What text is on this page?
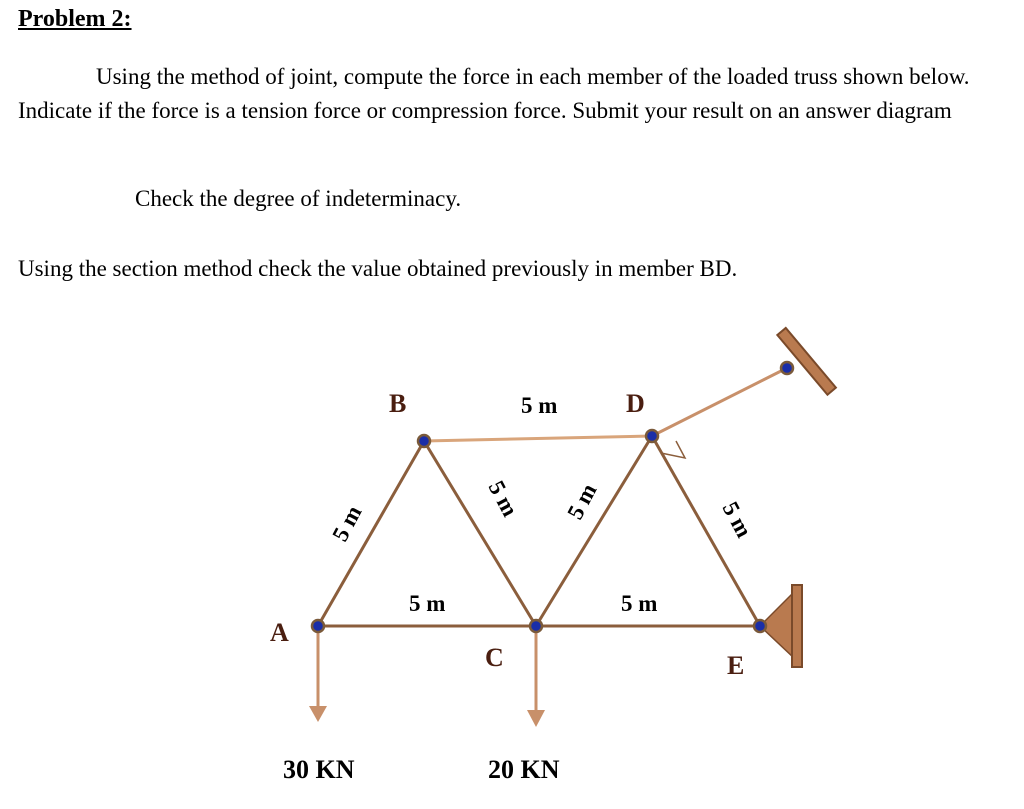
Problem 2:

Using the method of joint, compute the force in each member of the loaded truss shown below. Indicate if the force is a tension force or compression force. Submit your result on an answer diagram

Check the degree of indeterminacy.

Using the section method check the value obtained previously in member BD.

A
B
C
D
E
5 m
5 m	5 m
5 m
5 m 5 m	5 m
30 KN	20 KN
